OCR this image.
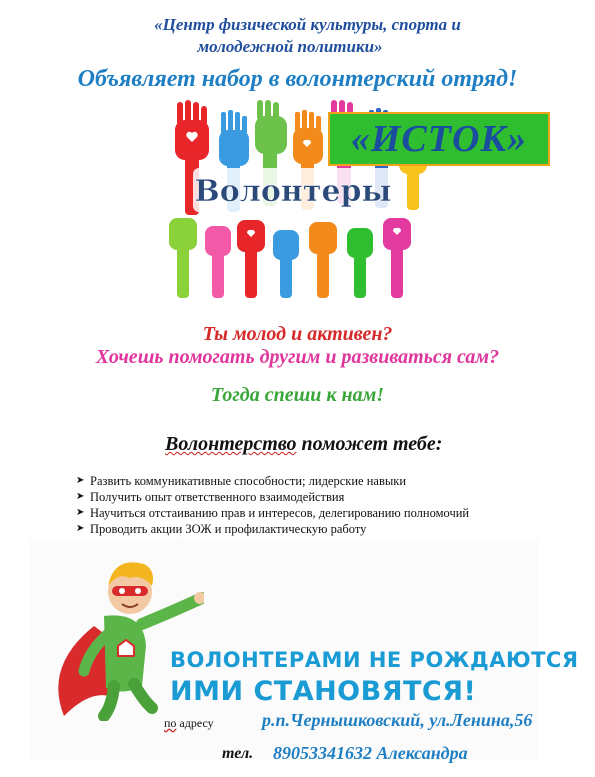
«Центр физической культуры, спорта и
молодежной политики»
Объявляет набор в волонтерский отряд!
Волонтеры
«ИСТОК»
Ты молод и активен?
Хочешь помогать другим и развиваться сам?
Тогда спеши к нам!
Волонтерство поможет тебе:
➤ Развить коммуникативные способности; лидерские навыки
➤ Получить опыт ответственного взаимодействия
➤ Научиться отстаиванию прав и интересов, делегированию полномочий
➤ Проводить акции ЗОЖ и профилактическую работу
ВОЛОНТЕРАМИ НЕ РОЖДАЮТСЯ
ИМИ СТАНОВЯТСЯ!
по адресу	р.п.Чернышковский, ул.Ленина,56
тел. 89053341632 Александра
